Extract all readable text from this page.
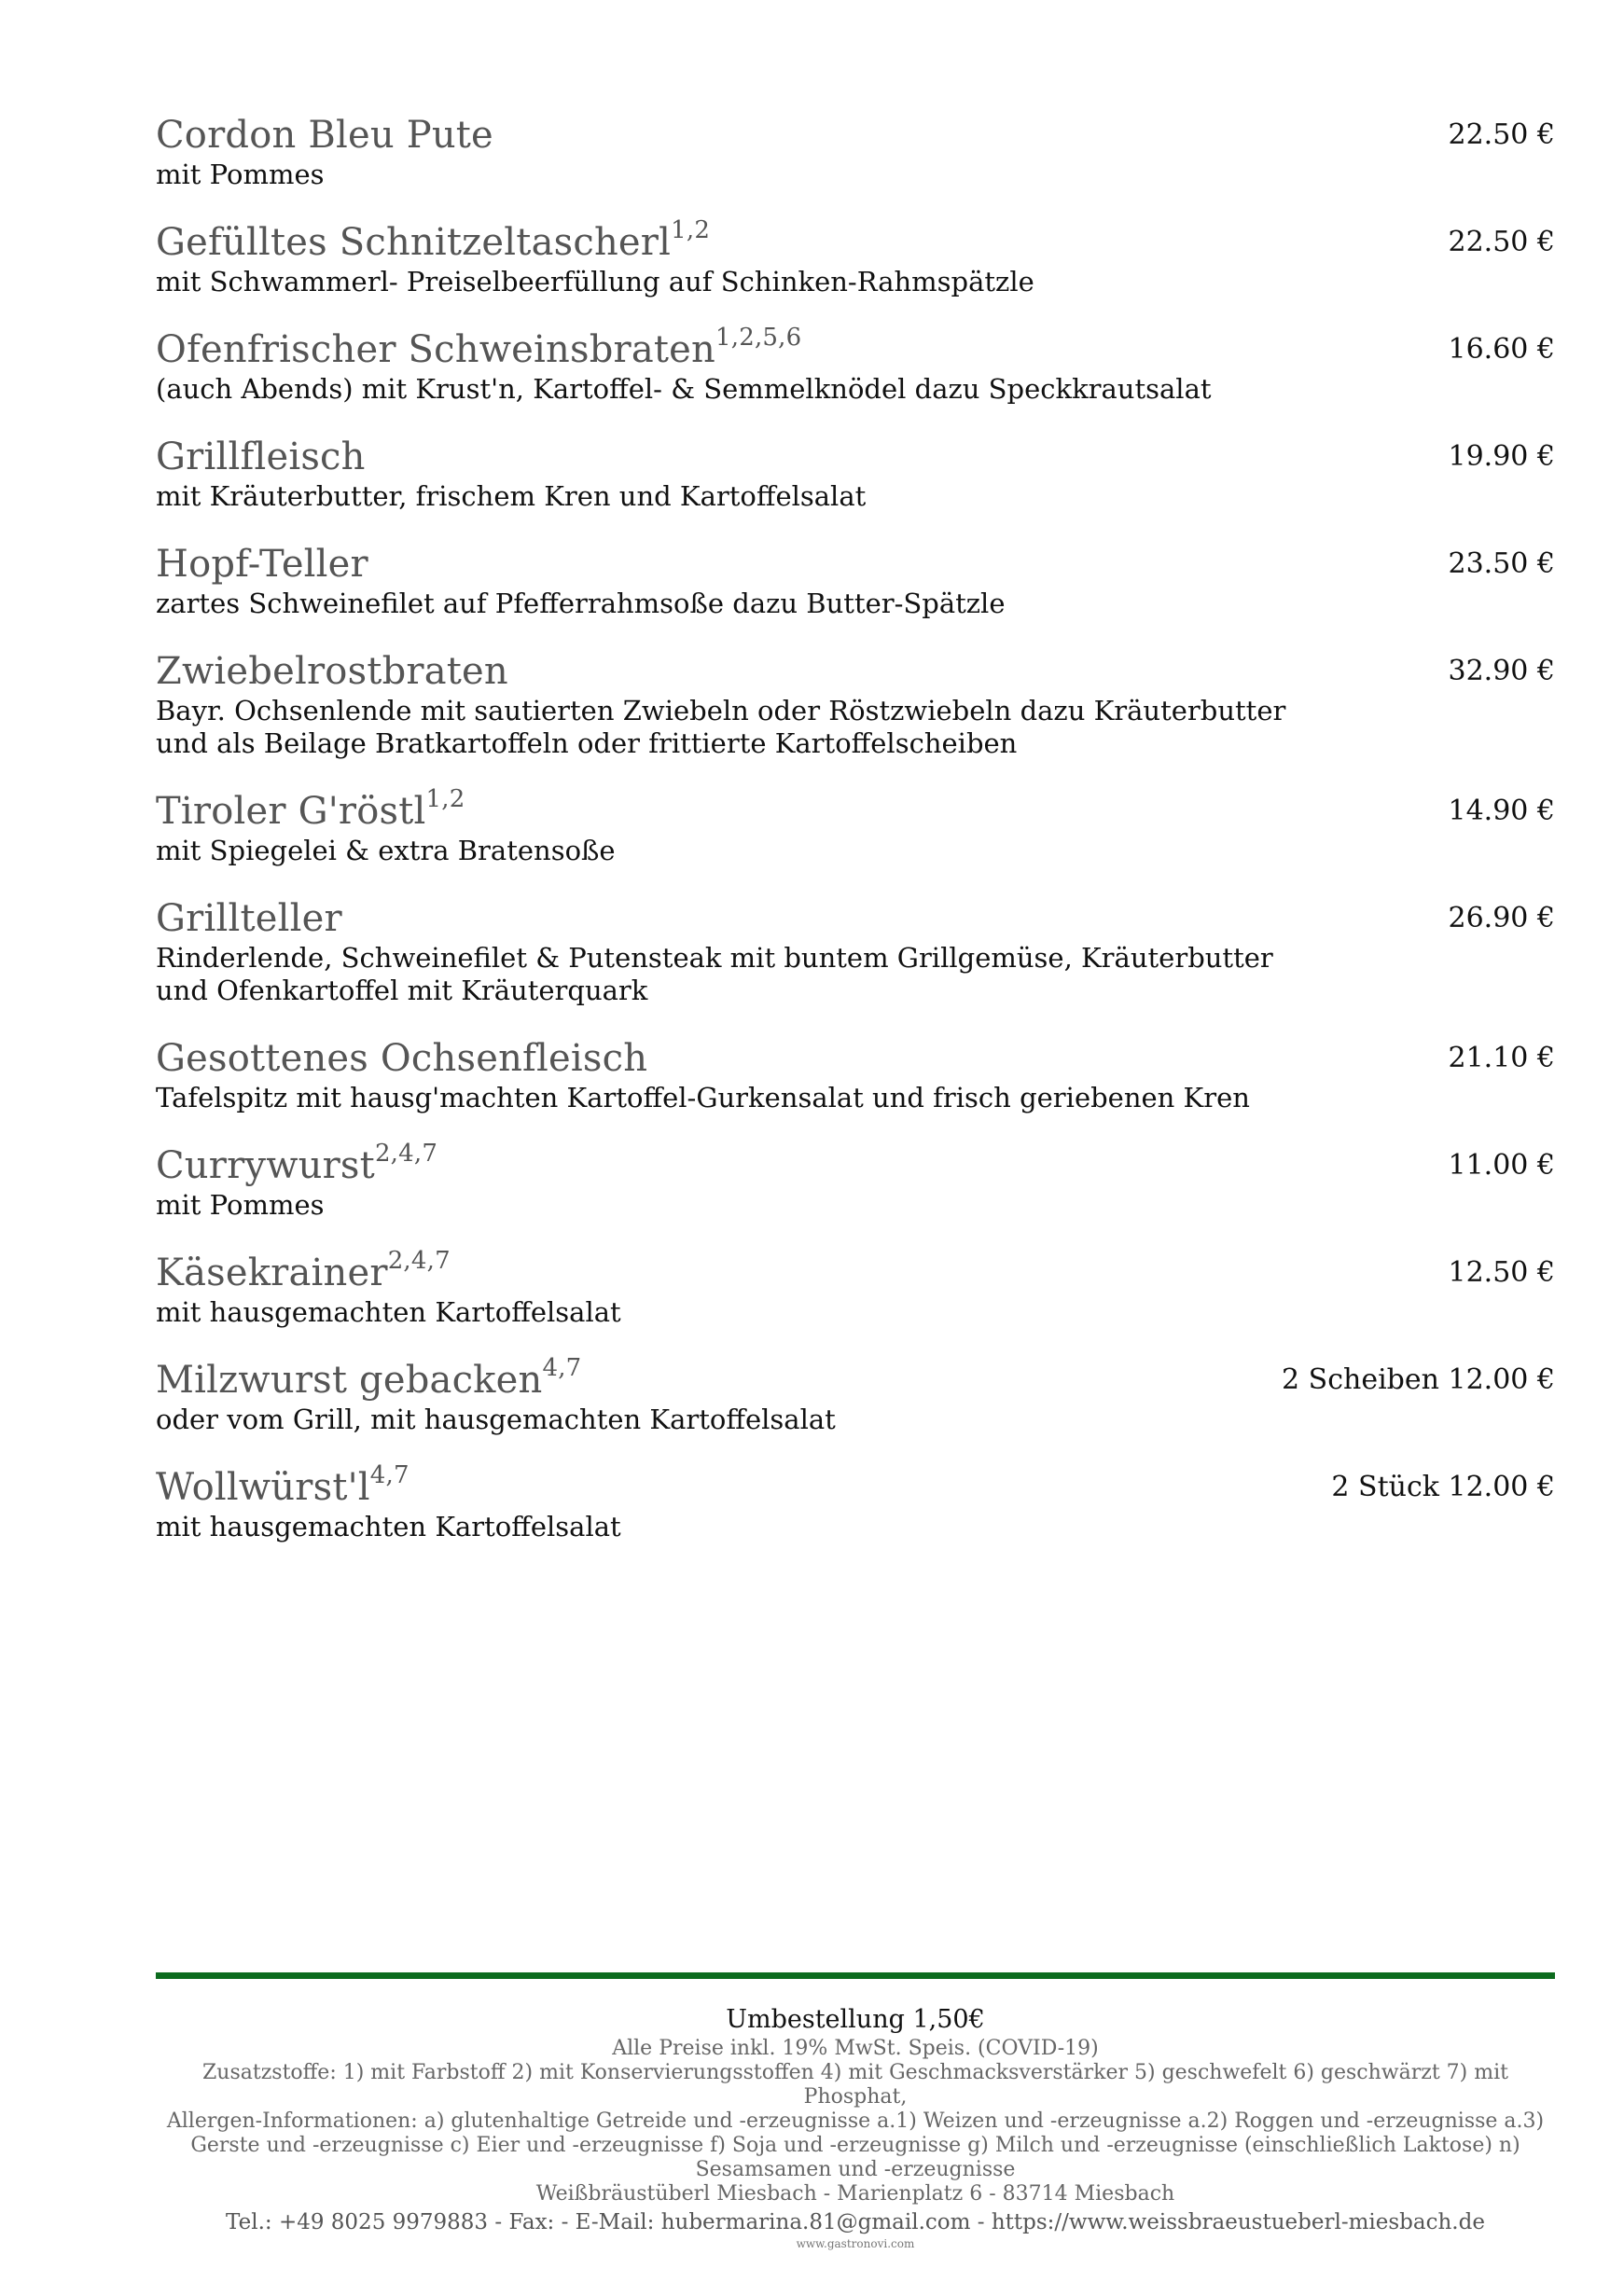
Cordon Bleu Pute
mit Pommes
22.50 €
Gefülltes Schnitzeltascherl$^{1,2}$
mit Schwammerl- Preiselbeerfüllung auf Schinken-Rahmspätzle
22.50 €
Ofenfrischer Schweinsbraten$^{1,2,5,6}$
(auch Abends) mit Krust'n, Kartoffel- & Semmelknödel dazu Speckkrautsalat
16.60 €
Grillfleisch
mit Kräuterbutter, frischem Kren und Kartoffelsalat
19.90 €
Hopf-Teller
zartes Schweinefilet auf Pfefferrahmsoße dazu Butter-Spätzle
23.50 €
Zwiebelrostbraten
Bayr. Ochsenlende mit sautierten Zwiebeln oder Röstzwiebeln dazu Kräuterbutter und als Beilage Bratkartoffeln oder frittierte Kartoffelscheiben
32.90 €
Tiroler G'röstl$^{1,2}$
mit Spiegelei & extra Bratensoße
14.90 €
Grillteller
Rinderlende, Schweinefilet & Putensteak mit buntem Grillgemüse, Kräuterbutter und Ofenkartoffel mit Kräuterquark
26.90 €
Gesottenes Ochsenfleisch
Tafelspitz mit hausg'machten Kartoffel-Gurkensalat und frisch geriebenen Kren
21.10 €
Currywurst$^{2,4,7}$
mit Pommes
11.00 €
Käsekrainer$^{2,4,7}$
mit hausgemachten Kartoffelsalat
12.50 €
Milzwurst gebacken$^{4,7}$
oder vom Grill, mit hausgemachten Kartoffelsalat
2 Scheiben 12.00 €
$Wollwürst'l^{4,7}$
mit hausgemachten Kartoffelsalat
2 Stück 12.00 €
Umbestellung 1,50€
Alle Preise inkl. 19% MwSt. Speis. (COVID-19)
Zusatzstoffe: 1) mit Farbstoff 2) mit Konservierungsstoffen 4) mit Geschmacksverstärker 5) geschwefelt 6) geschwärzt 7) mit Phosphat,
Allergen-Informationen: a) glutenhaltige Getreide und -erzeugnisse a.1) Weizen und -erzeugnisse a.2) Roggen und -erzeugnisse a.3) Gerste und -erzeugnisse c) Eier und -erzeugnisse f) Soja und -erzeugnisse g) Milch und -erzeugnisse (einschließlich Laktose) n) Sesamsamen und -erzeugnisse
Weißbräustüberl Miesbach - Marienplatz 6 - 83714 Miesbach
Tel.: +49 8025 9979883 - Fax: - E-Mail: hubermarina.81@gmail.com - https://www.weissbraeustueberl-miesbach.de
www.gastronovi.com
